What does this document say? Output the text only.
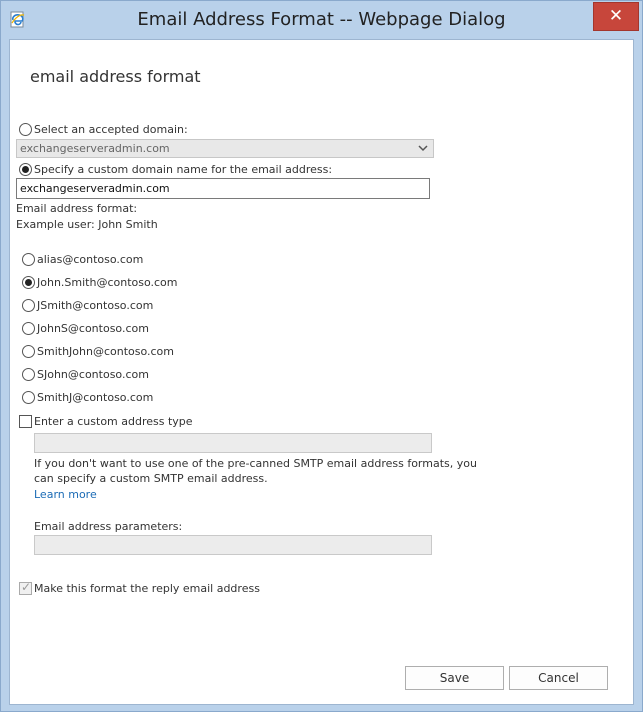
Email Address Format -- Webpage Dialog	✕
email address format
Select an accepted domain:
exchangeserveradmin.com
Specify a custom domain name for the email address:
exchangeserveradmin.com
Email address format:
Example user: John Smith
alias@contoso.com
John.Smith@contoso.com
JSmith@contoso.com
JohnS@contoso.com
SmithJohn@contoso.com
SJohn@contoso.com
SmithJ@contoso.com
Enter a custom address type
If you don't want to use one of the pre-canned SMTP email address formats, you
can specify a custom SMTP email address.
Learn more
Email address parameters:
✓ Make this format the reply email address
Save	Cancel
